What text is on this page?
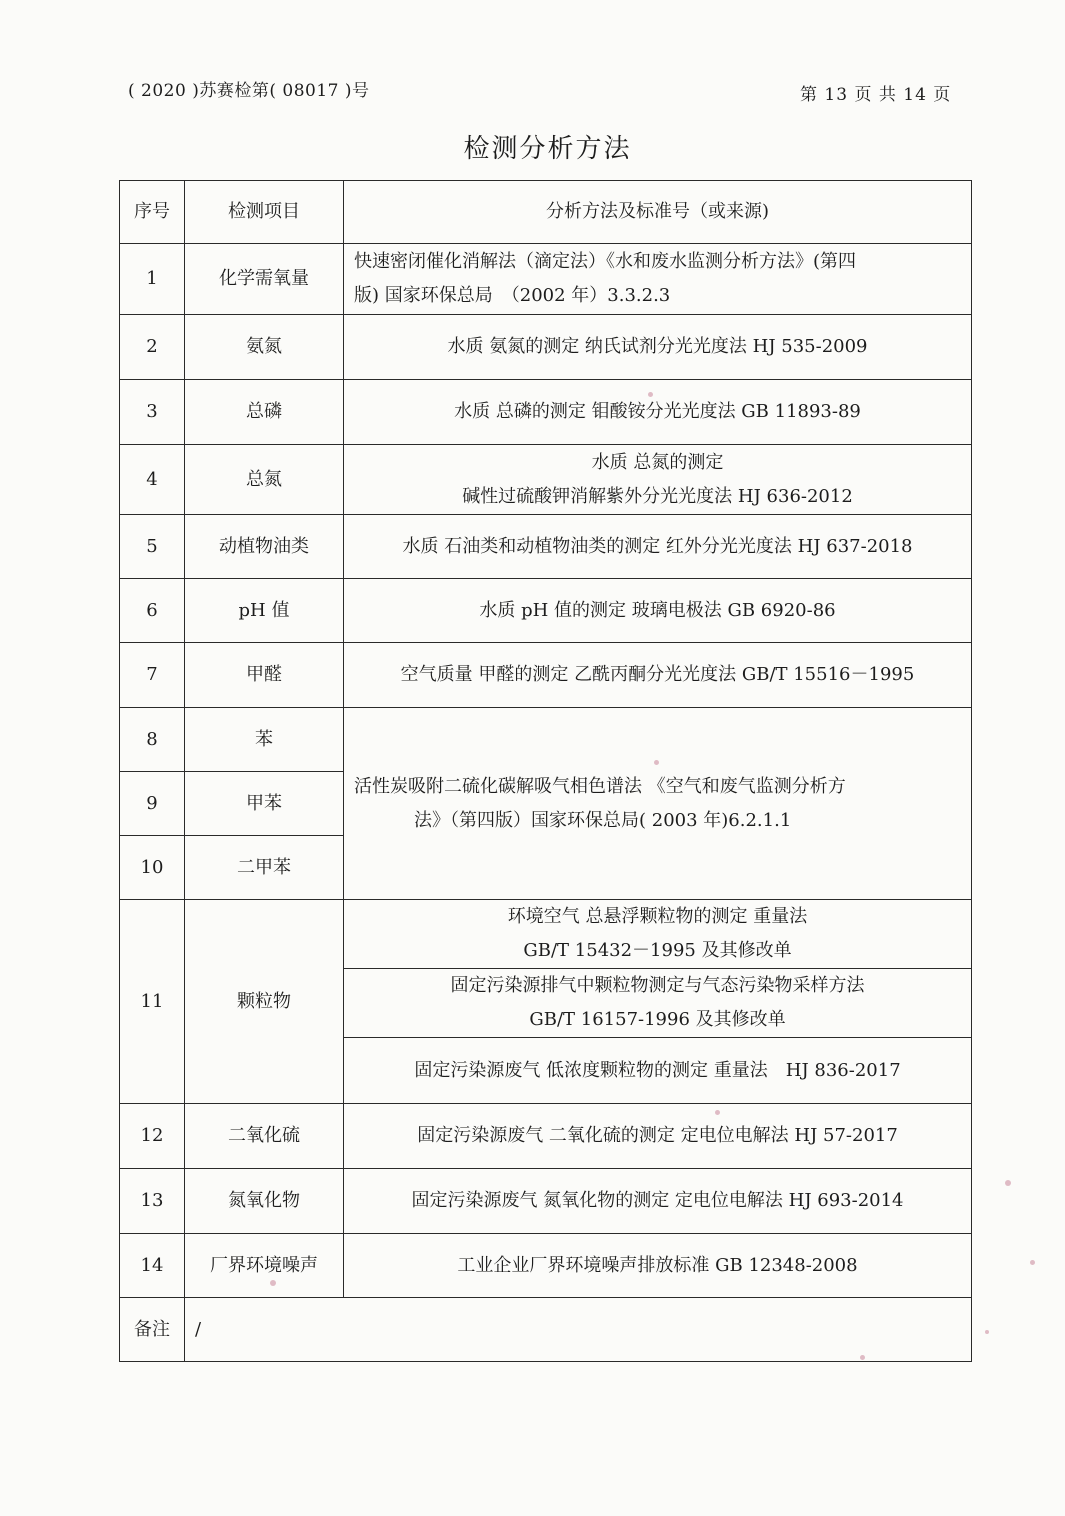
( 2020 )苏赛检第( 08017 )号	第 13 页 共 14 页
检测分析方法
序号	检测项目	分析方法及标准号（或来源)
1	化学需氧量	快速密闭催化消解法（滴定法）《水和废水监测分析方法》(第四
版) 国家环保总局　（2002 年）3.3.2.3

2	氨氮	水质 氨氮的测定 纳氏试剂分光光度法 HJ 535-2009
3	总磷	水质 总磷的测定 钼酸铵分光光度法 GB 11893-89
4	总氮	水质 总氮的测定
碱性过硫酸钾消解紫外分光光度法 HJ 636-2012

5	动植物油类	水质 石油类和动植物油类的测定 红外分光光度法 HJ 637-2018
6	pH 值	水质 pH 值的测定 玻璃电极法 GB 6920-86
7	甲醛	空气质量 甲醛的测定 乙酰丙酮分光光度法 GB/T 15516－1995
8	苯	活性炭吸附二硫化碳解吸气相色谱法 《空气和废气监测分析方
法》（第四版）国家环保总局( 2003 年)6.2.1.1

9	甲苯	
10	二甲苯	
11	颗粒物	环境空气 总悬浮颗粒物的测定 重量法
GB/T 15432－1995 及其修改单

		固定污染源排气中颗粒物测定与气态污染物采样方法
GB/T 16157-1996 及其修改单

		固定污染源废气 低浓度颗粒物的测定 重量法　HJ 836-2017
12	二氧化硫	固定污染源废气 二氧化硫的测定 定电位电解法 HJ 57-2017
13	氮氧化物	固定污染源废气 氮氧化物的测定 定电位电解法 HJ 693-2014
14	厂界环境噪声	工业企业厂界环境噪声排放标准 GB 12348-2008
备注	/	
